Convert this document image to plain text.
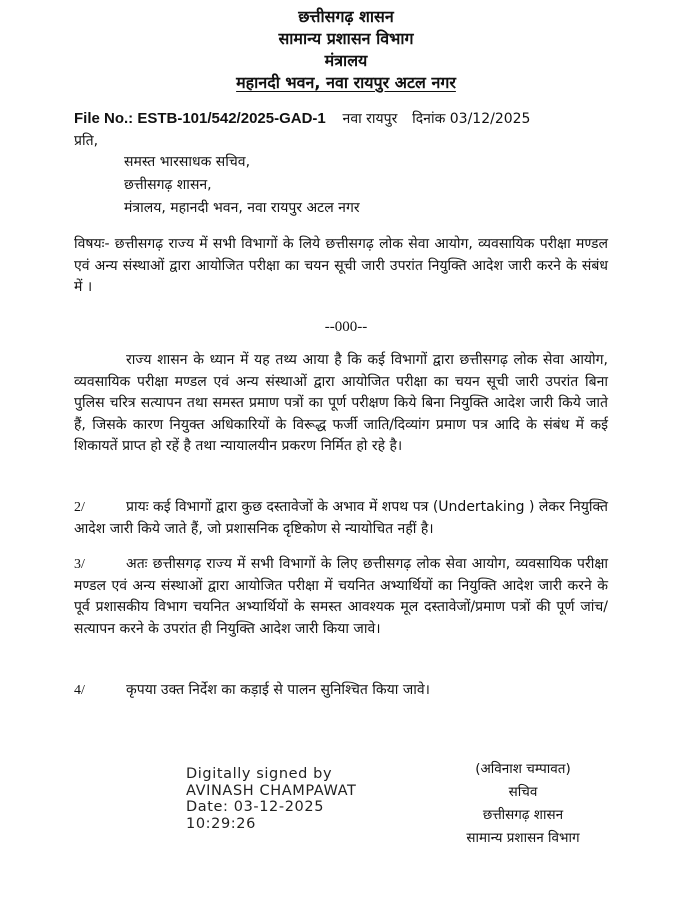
छत्तीसगढ़ शासन
सामान्य प्रशासन विभाग
मंत्रालय
महानदी भवन, नवा रायपुर अटल नगर
File No.: ESTB-101/542/2025-GAD-1 नवा रायपुर दिनांक 03/12/2025
प्रति,
समस्त भारसाधक सचिव,
छत्तीसगढ़ शासन,
मंत्रालय, महानदी भवन, नवा रायपुर अटल नगर
विषयः- छत्तीसगढ़ राज्य में सभी विभागों के लिये छत्तीसगढ़ लोक सेवा आयोग, व्यवसायिक परीक्षा मण्डल एवं अन्य संस्थाओं द्वारा आयोजित परीक्षा का चयन सूची जारी उपरांत नियुक्ति आदेश जारी करने के संबंध में ।
--000--
राज्य शासन के ध्यान में यह तथ्य आया है कि कई विभागों द्वारा छत्तीसगढ़ लोक सेवा आयोग, व्यवसायिक परीक्षा मण्डल एवं अन्य संस्थाओं द्वारा आयोजित परीक्षा का चयन सूची जारी उपरांत बिना पुलिस चरित्र सत्यापन तथा समस्त प्रमाण पत्रों का पूर्ण परीक्षण किये बिना नियुक्ति आदेश जारी किये जाते हैं, जिसके कारण नियुक्त अधिकारियों के विरूद्ध फर्जी जाति/दिव्यांग प्रमाण पत्र आदि के संबंध में कई शिकायतें प्राप्त हो रहें है तथा न्यायालयीन प्रकरण निर्मित हो रहे है।
2/	प्रायः कई विभागों द्वारा कुछ दस्तावेजों के अभाव में शपथ पत्र (Undertaking ) लेकर नियुक्ति आदेश जारी किये जाते हैं, जो प्रशासनिक दृष्टिकोण से न्यायोचित नहीं है।
3/	अतः छत्तीसगढ़ राज्य में सभी विभागों के लिए छत्तीसगढ़ लोक सेवा आयोग, व्यवसायिक परीक्षा मण्डल एवं अन्य संस्थाओं द्वारा आयोजित परीक्षा में चयनित अभ्यार्थियों का नियुक्ति आदेश जारी करने के पूर्व प्रशासकीय विभाग चयनित अभ्यार्थियों के समस्त आवश्यक मूल दस्तावेजों/प्रमाण पत्रों की पूर्ण जांच/सत्यापन करने के उपरांत ही नियुक्ति आदेश जारी किया जावे।
4/	कृपया उक्त निर्देश का कड़ाई से पालन सुनिश्चित किया जावे।
Digitally signed by
AVINASH CHAMPAWAT
Date: 03-12-2025
10:29:26
(अविनाश चम्पावत)
सचिव
छत्तीसगढ़ शासन
सामान्य प्रशासन विभाग
